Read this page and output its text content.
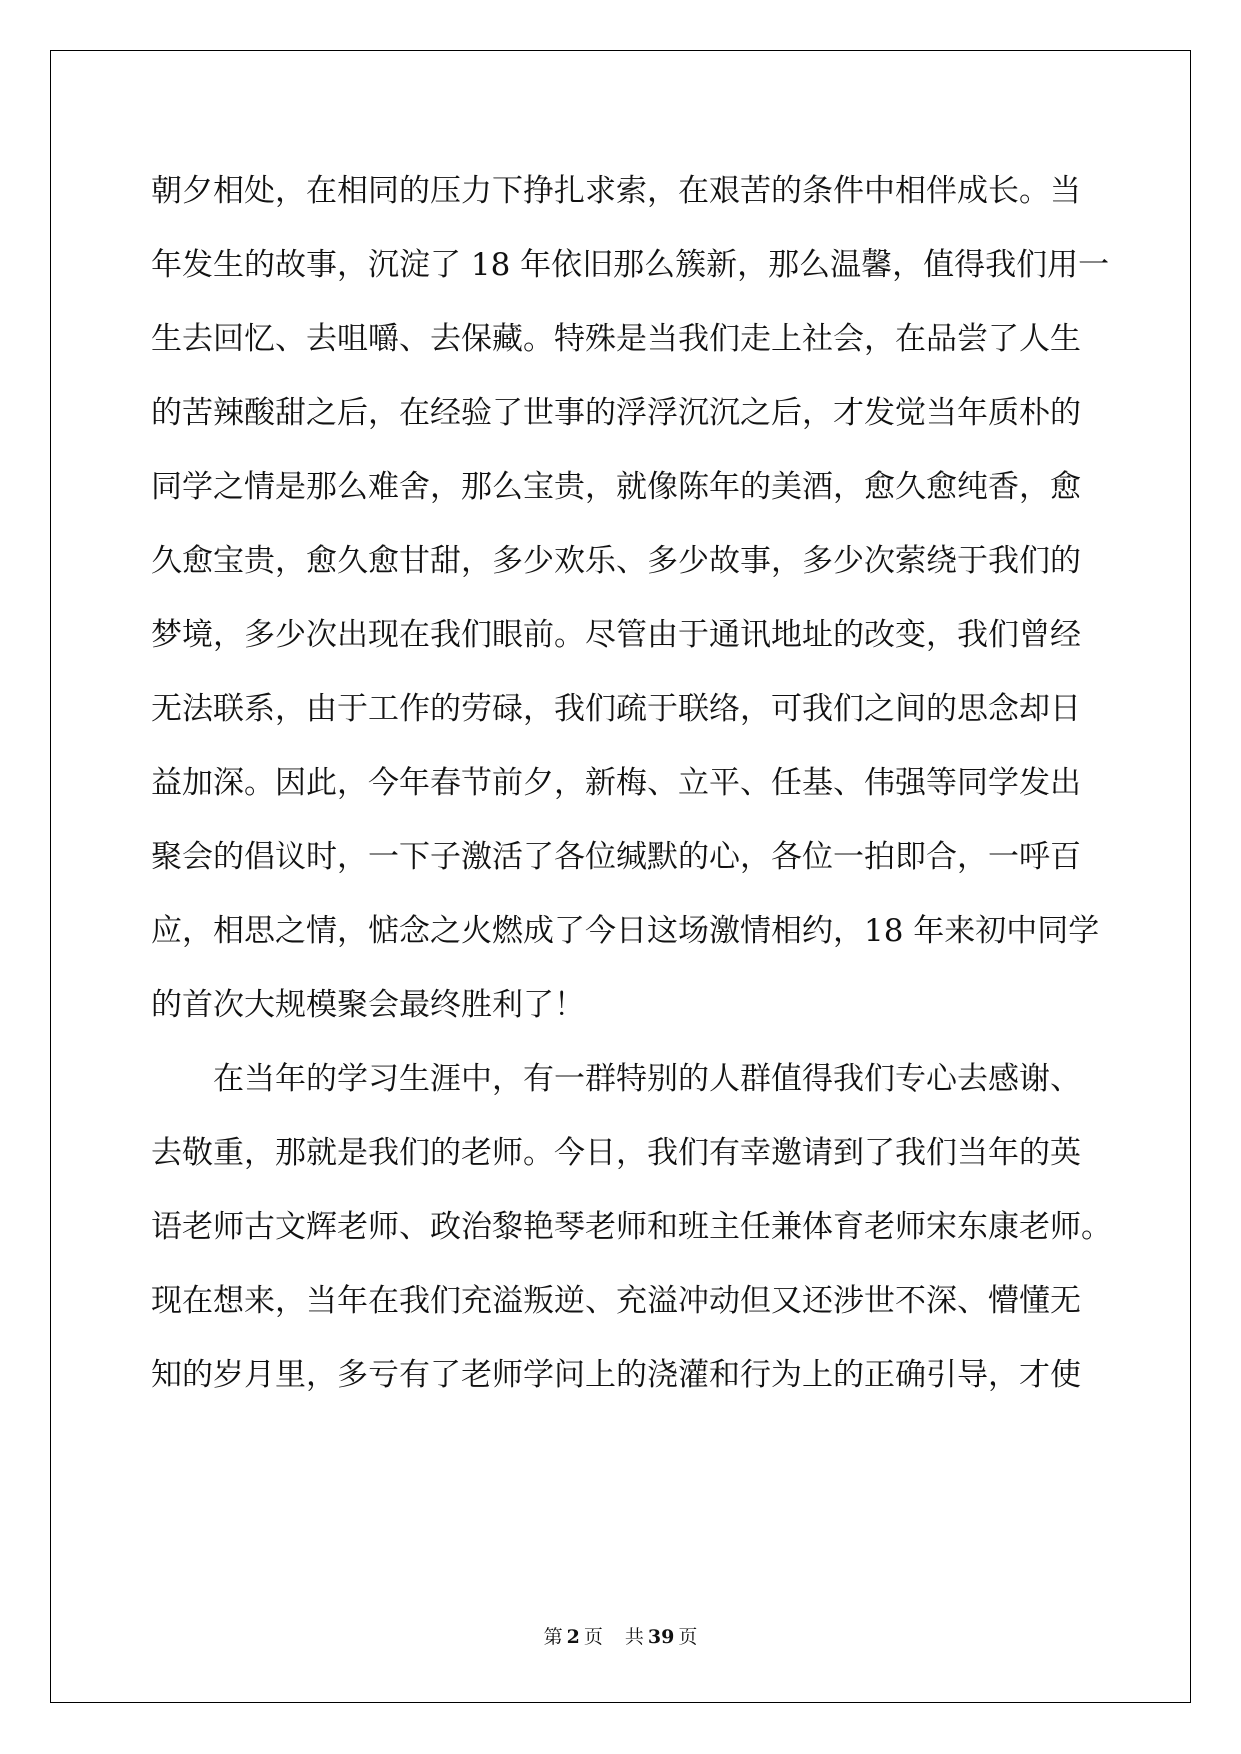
朝夕相处，在相同的压力下挣扎求索，在艰苦的条件中相伴成长。当
年发生的故事，沉淀了 18 年依旧那么簇新，那么温馨，值得我们用一
生去回忆、去咀嚼、去保藏。特殊是当我们走上社会，在品尝了人生
的苦辣酸甜之后，在经验了世事的浮浮沉沉之后，才发觉当年质朴的
同学之情是那么难舍，那么宝贵，就像陈年的美酒，愈久愈纯香，愈
久愈宝贵，愈久愈甘甜，多少欢乐、多少故事，多少次萦绕于我们的
梦境，多少次出现在我们眼前。尽管由于通讯地址的改变，我们曾经
无法联系，由于工作的劳碌，我们疏于联络，可我们之间的思念却日
益加深。因此，今年春节前夕，新梅、立平、任基、伟强等同学发出
聚会的倡议时，一下子激活了各位缄默的心，各位一拍即合，一呼百
应，相思之情，惦念之火燃成了今日这场激情相约，18 年来初中同学
的首次大规模聚会最终胜利了！
在当年的学习生涯中，有一群特别的人群值得我们专心去感谢、
去敬重，那就是我们的老师。今日，我们有幸邀请到了我们当年的英
语老师古文辉老师、政治黎艳琴老师和班主任兼体育老师宋东康老师。
现在想来，当年在我们充溢叛逆、充溢冲动但又还涉世不深、懵懂无
知的岁月里，多亏有了老师学问上的浇灌和行为上的正确引导，才使
第 2 页 共 39 页
